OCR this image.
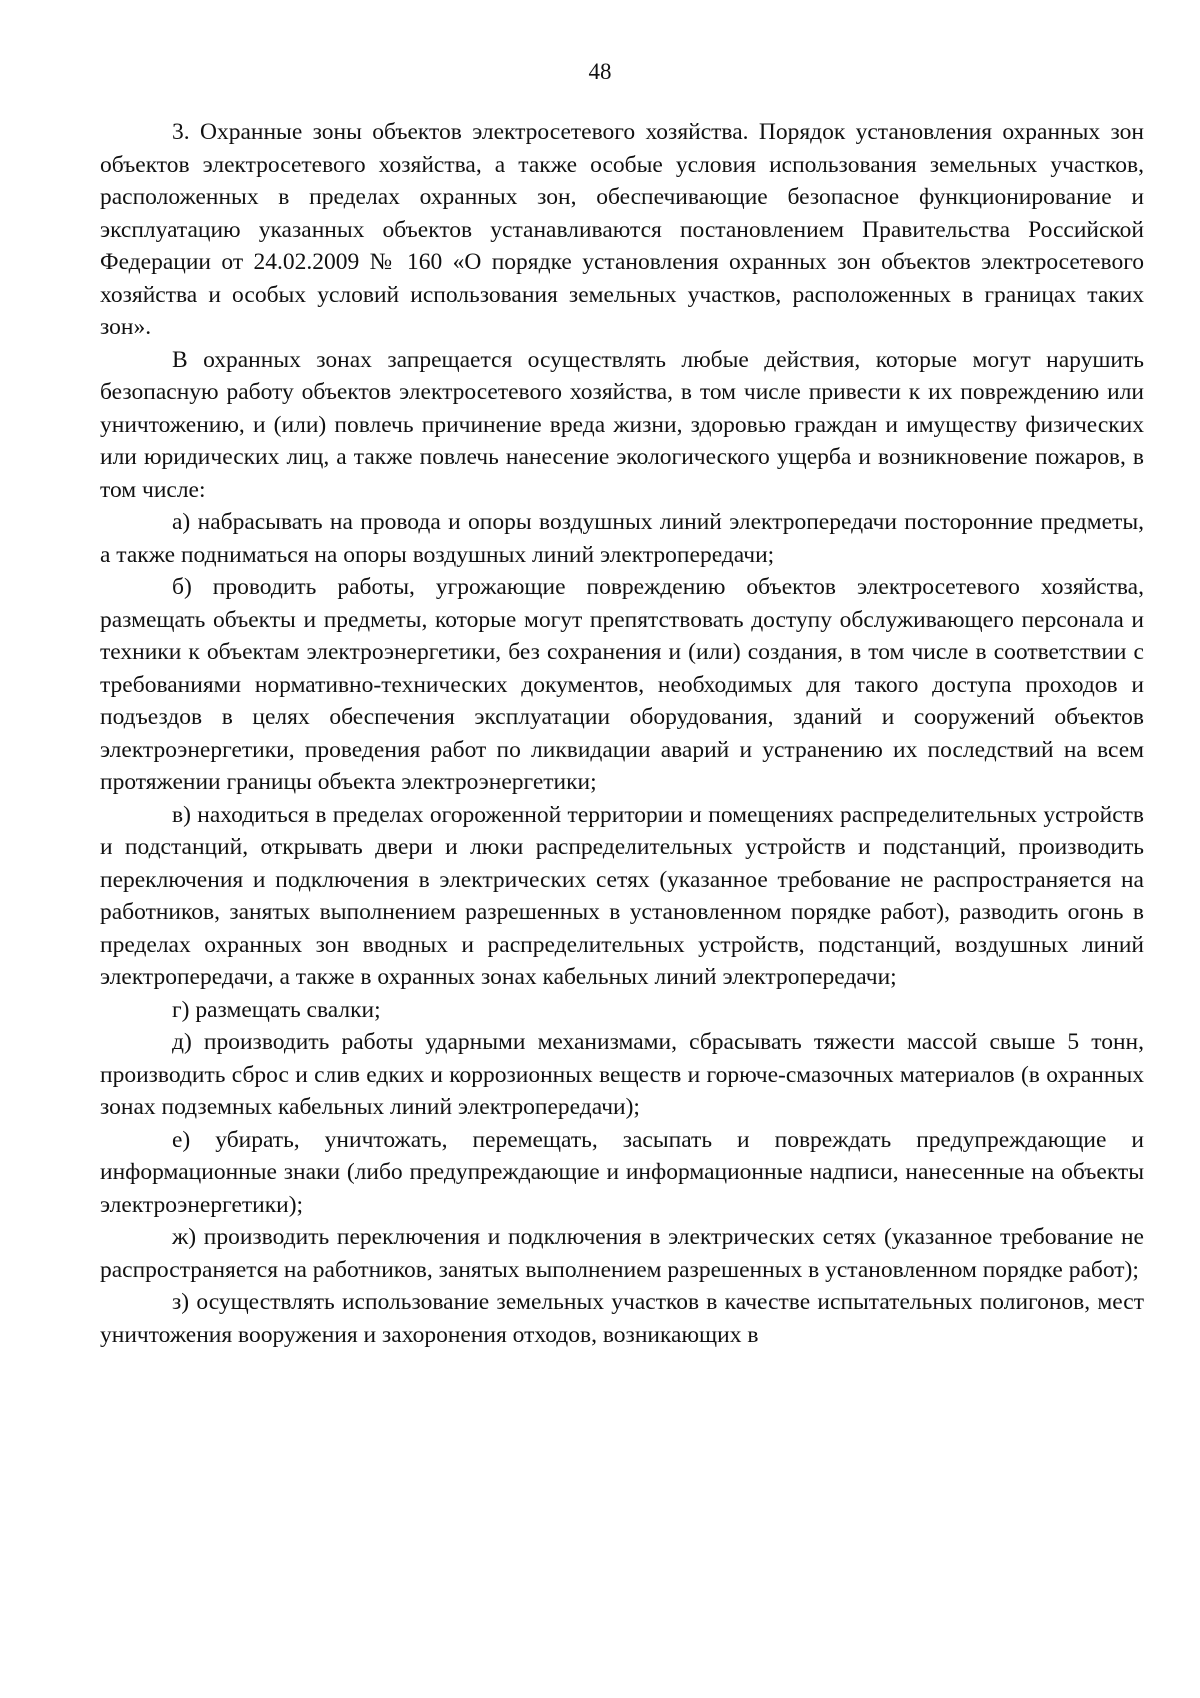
48

3. Охранные зоны объектов электросетевого хозяйства. Порядок установления охранных зон объектов электросетевого хозяйства, а также особые условия использования земельных участков, расположенных в пределах охранных зон, обеспечивающие безопасное функционирование и эксплуатацию указанных объектов устанавливаются постановлением Правительства Российской Федерации от 24.02.2009 № 160 «О порядке установления охранных зон объектов электросетевого хозяйства и особых условий использования земельных участков, расположенных в границах таких зон».

В охранных зонах запрещается осуществлять любые действия, которые могут нарушить безопасную работу объектов электросетевого хозяйства, в том числе привести к их повреждению или уничтожению, и (или) повлечь причинение вреда жизни, здоровью граждан и имуществу физических или юридических лиц, а также повлечь нанесение экологического ущерба и возникновение пожаров, в том числе:

а) набрасывать на провода и опоры воздушных линий электропередачи посторонние предметы, а также подниматься на опоры воздушных линий электропередачи;

б) проводить работы, угрожающие повреждению объектов электросетевого хозяйства, размещать объекты и предметы, которые могут препятствовать доступу обслуживающего персонала и техники к объектам электроэнергетики, без сохранения и (или) создания, в том числе в соответствии с требованиями нормативно-технических документов, необходимых для такого доступа проходов и подъездов в целях обеспечения эксплуатации оборудования, зданий и сооружений объектов электроэнергетики, проведения работ по ликвидации аварий и устранению их последствий на всем протяжении границы объекта электроэнергетики;

в) находиться в пределах огороженной территории и помещениях распределительных устройств и подстанций, открывать двери и люки распределительных устройств и подстанций, производить переключения и подключения в электрических сетях (указанное требование не распространяется на работников, занятых выполнением разрешенных в установленном порядке работ), разводить огонь в пределах охранных зон вводных и распределительных устройств, подстанций, воздушных линий электропередачи, а также в охранных зонах кабельных линий электропередачи;

г) размещать свалки;

д) производить работы ударными механизмами, сбрасывать тяжести массой свыше 5 тонн, производить сброс и слив едких и коррозионных веществ и горюче-смазочных материалов (в охранных зонах подземных кабельных линий электропередачи);

е) убирать, уничтожать, перемещать, засыпать и повреждать предупреждающие и информационные знаки (либо предупреждающие и информационные надписи, нанесенные на объекты электроэнергетики);

ж) производить переключения и подключения в электрических сетях (указанное требование не распространяется на работников, занятых выполнением разрешенных в установленном порядке работ);

з) осуществлять использование земельных участков в качестве испытательных полигонов, мест уничтожения вооружения и захоронения отходов, возникающих в
